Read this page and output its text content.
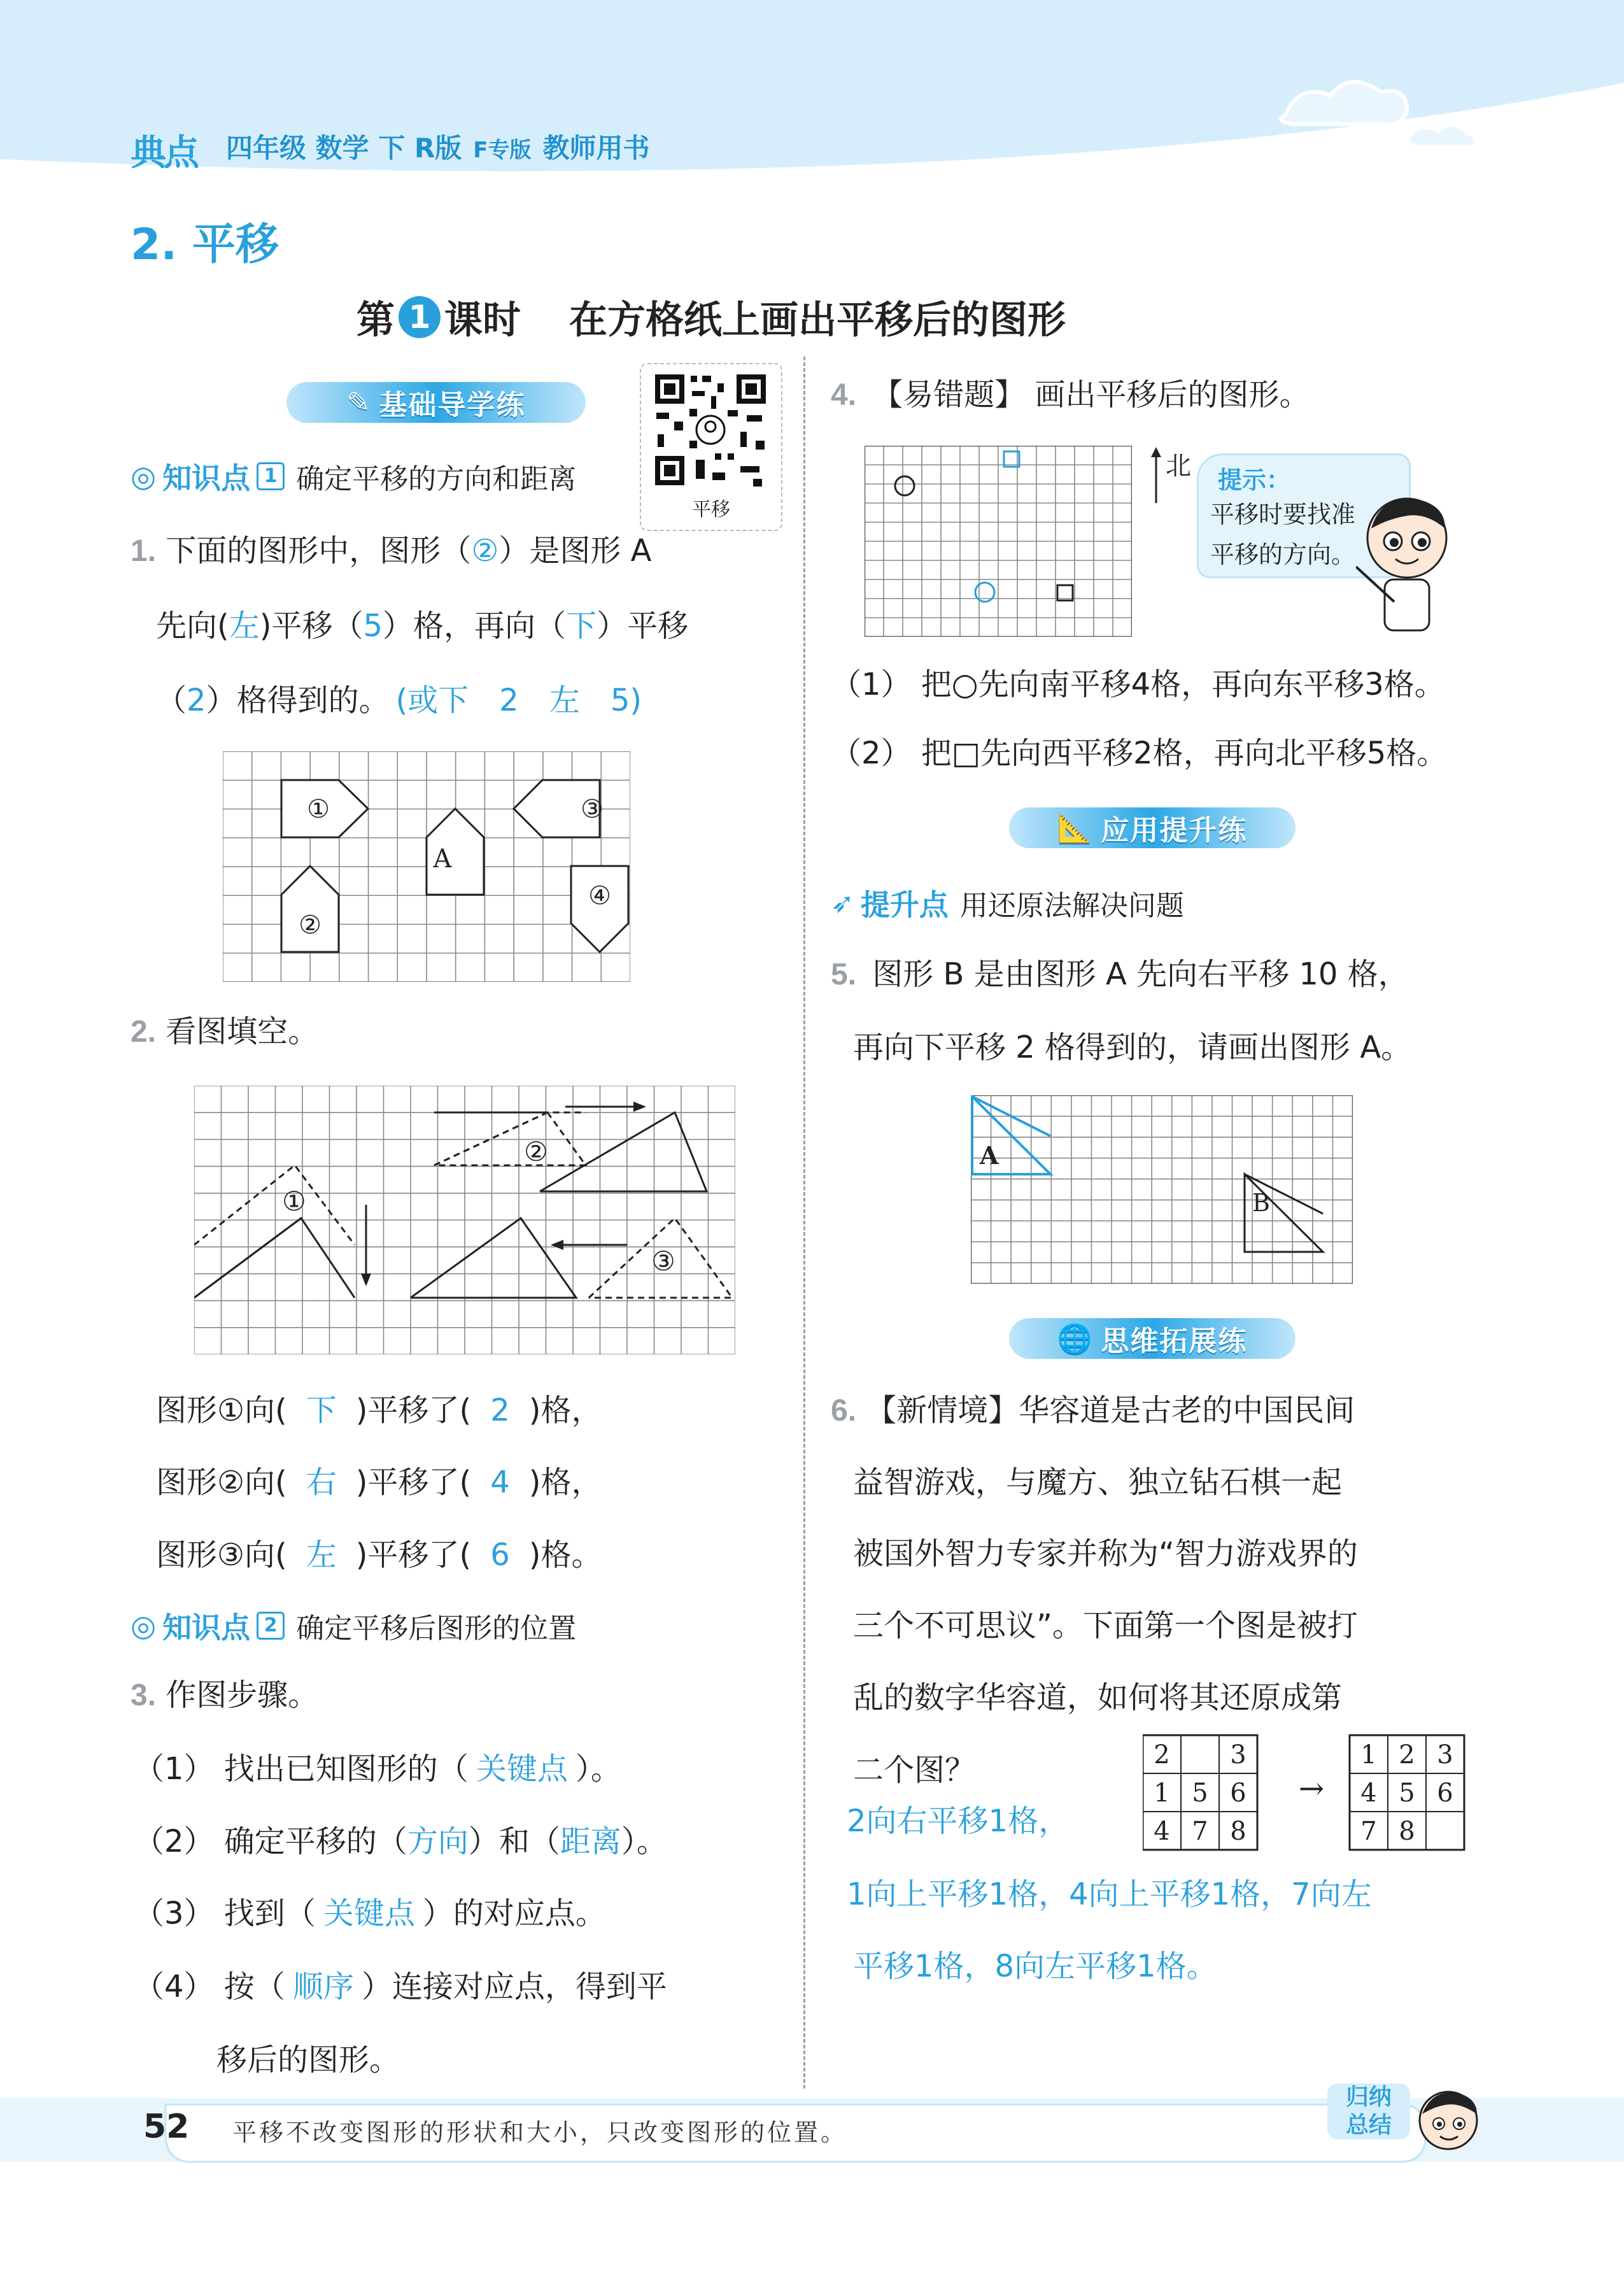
典点	四年级 数学 下 R版 F专版 教师用书
2. 平移
第 1 课时 在方格纸上画出平移后的图形
✎ 基础导学练
平移
◎ 知识点 1 确定平移的方向和距离
1. 下面的图形中，图形（②）是图形 A
先向(左)平移（5）格，再向（下）平移
（2）格得到的。 (或下　2　左　5)
①
②
A
③
④
2. 看图填空。
①
②
③
图形①向( 下 )平移了( 2 )格，
图形②向( 右 )平移了( 4 )格，
图形③向( 左 )平移了( 6 )格。
◎ 知识点 2 确定平移后图形的位置
3. 作图步骤。
（1） 找出已知图形的（ 关键点 ）。
（2） 确定平移的（方向）和（距离）。
（3） 找到（ 关键点 ）的对应点。
（4） 按（ 顺序 ）连接对应点，得到平
移后的图形。
4. 【易错题】 画出平移后的图形。
北 提示：
平移时要找准
平移的方向。
（1） 把○先向南平移4格，再向东平移3格。
（2） 把□先向西平移2格，再向北平移5格。
📐 应用提升练
➶ 提升点 用还原法解决问题
5. 图形 B 是由图形 A 先向右平移 10 格，
再向下平移 2 格得到的，请画出图形 A。
A
B
🌐 思维拓展练
6. 【新情境】华容道是古老的中国民间
益智游戏，与魔方、独立钻石棋一起
被国外智力专家并称为“智力游戏界的
三个不可思议”。下面第一个图是被打
乱的数字华容道，如何将其还原成第
二个图？	2 3
1 5 6
4 7 8
1 2 3
4 5 6
7 8
→
2向右平移1格，
1向上平移1格，4向上平移1格，7向左
平移1格，8向左平移1格。
52 平移不改变图形的形状和大小，只改变图形的位置。
归纳
总结
